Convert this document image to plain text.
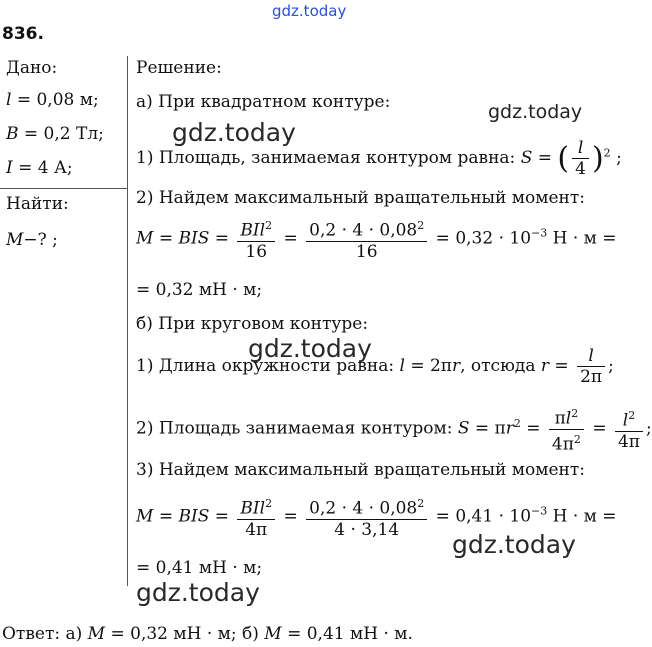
gdz.today
gdz.today
gdz.today
gdz.today
gdz.today
gdz.today
836.
Дано:
𝑙 = 0,08 м;
𝐵 = 0,2 Тл;
𝐼 = 4 А;
Найти:
𝑀−? ;
Решение:
а) При квадратном контуре:
1) Площадь, занимаемая контуром равна: S = ( $\frac{l}{4} )^2$ ;
2) Найдем максимальный вращательный момент:
M = BIS = $\frac{BIl^2}{16} = \frac{0,2 \cdot 4 \cdot 0,08^2}{16} = 0,32 \cdot 10^{-3}$ Н · м =
= 0,32 мН · м;
б) При круговом контуре:
1) Длина окружности равна: l = 2πr, отсюда $r = \frac{l}{2\pi}$ ;
2) Площадь занимаемая контуром: $S = \pi r^2 = \frac{\pi l^2}{4\pi^2} = \frac{l^2}{4\pi}$ ;
3) Найдем максимальный вращательный момент:
M = BIS = $\frac{BIl^2}{4\pi} = \frac{0,2 \cdot 4 \cdot 0,08^2}{4 \cdot 3,14} = 0,41 \cdot 10^{-3}$ Н · м =
= 0,41 мН · м;
Ответ: а) 𝑀 = 0,32 мН · м; б) 𝑀 = 0,41 мН · м.
